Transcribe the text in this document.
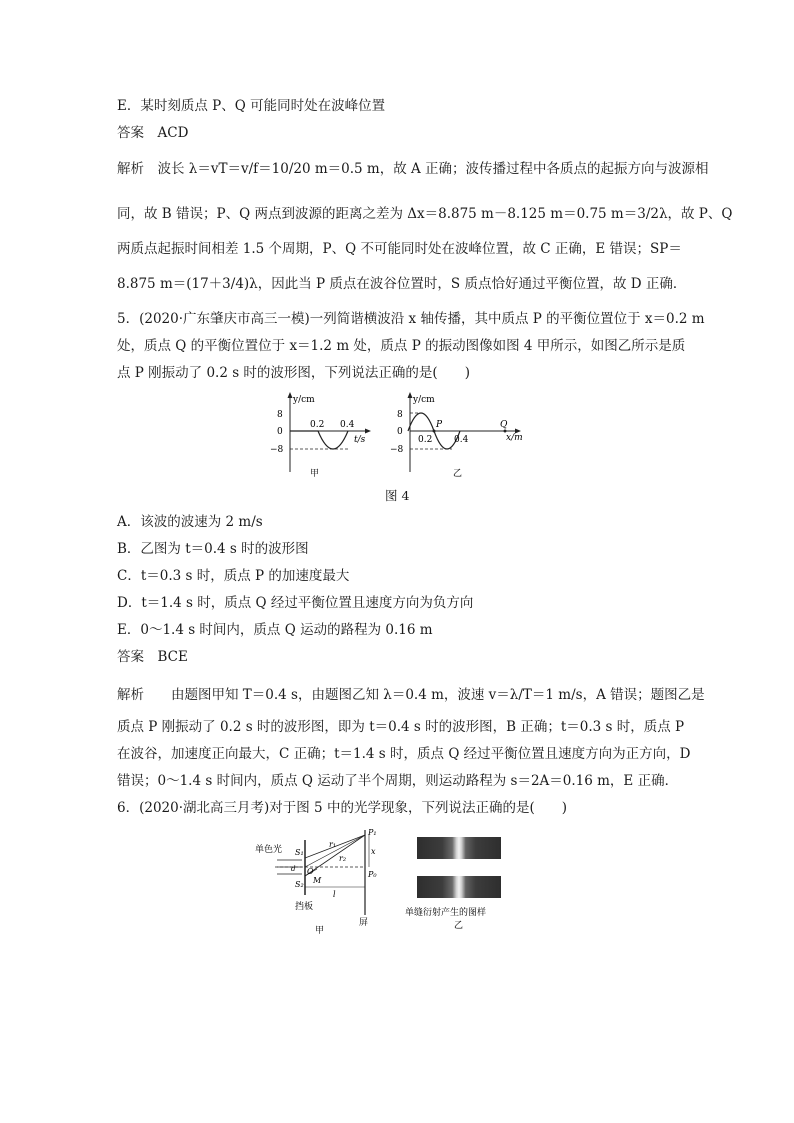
E．某时刻质点 P、Q 可能同时处在波峰位置
答案　ACD
解析　波长 λ＝vT＝v/f＝10/20 m＝0.5 m，故 A 正确；波传播过程中各质点的起振方向与波源相
同，故 B 错误；P、Q 两点到波源的距离之差为 Δx＝8.875 m－8.125 m＝0.75 m＝3/2λ，故 P、Q
两质点起振时间相差 1.5 个周期，P、Q 不可能同时处在波峰位置，故 C 正确，E 错误；SP＝
8.875 m＝(17＋3/4)λ，因此当 P 质点在波谷位置时，S 质点恰好通过平衡位置，故 D 正确．
5．(2020·广东肇庆市高三一模)一列简谐横波沿 x 轴传播，其中质点 P 的平衡位置位于 x＝0.2 m
处，质点 Q 的平衡位置位于 x＝1.2 m 处，质点 P 的振动图像如图 4 甲所示，如图乙所示是质
点 P 刚振动了 0.2 s 时的波形图，下列说法正确的是(　　)
y/cm
8
0
−8
0.2 0.4
t/s
甲
y/cm
8
0
−8
P	Q
0.2 0.4	x/m
乙
图 4
A．该波的波速为 2 m/s
B．乙图为 t＝0.4 s 时的波形图
C．t＝0.3 s 时，质点 P 的加速度最大
D．t＝1.4 s 时，质点 Q 经过平衡位置且速度方向为负方向
E．0～1.4 s 时间内，质点 Q 运动的路程为 0.16 m
答案　BCE
解析　　由题图甲知 T＝0.4 s，由题图乙知 λ＝0.4 m，波速 v＝λ/T＝1 m/s，A 错误；题图乙是
质点 P 刚振动了 0.2 s 时的波形图，即为 t＝0.4 s 时的波形图，B 正确；t＝0.3 s 时，质点 P
在波谷，加速度正向最大，C 正确；t＝1.4 s 时，质点 Q 经过平衡位置且速度方向为正方向，D
错误；0～1.4 s 时间内，质点 Q 运动了半个周期，则运动路程为 s＝2A＝0.16 m，E 正确．
6．(2020·湖北高三月考)对于图 5 中的光学现象，下列说法正确的是(　　)
单色光 S₁
S₂
d O
M
r₁
r₂
x
l
P₁
P₀
挡板
屏
甲
单缝衍射产生的图样
乙
